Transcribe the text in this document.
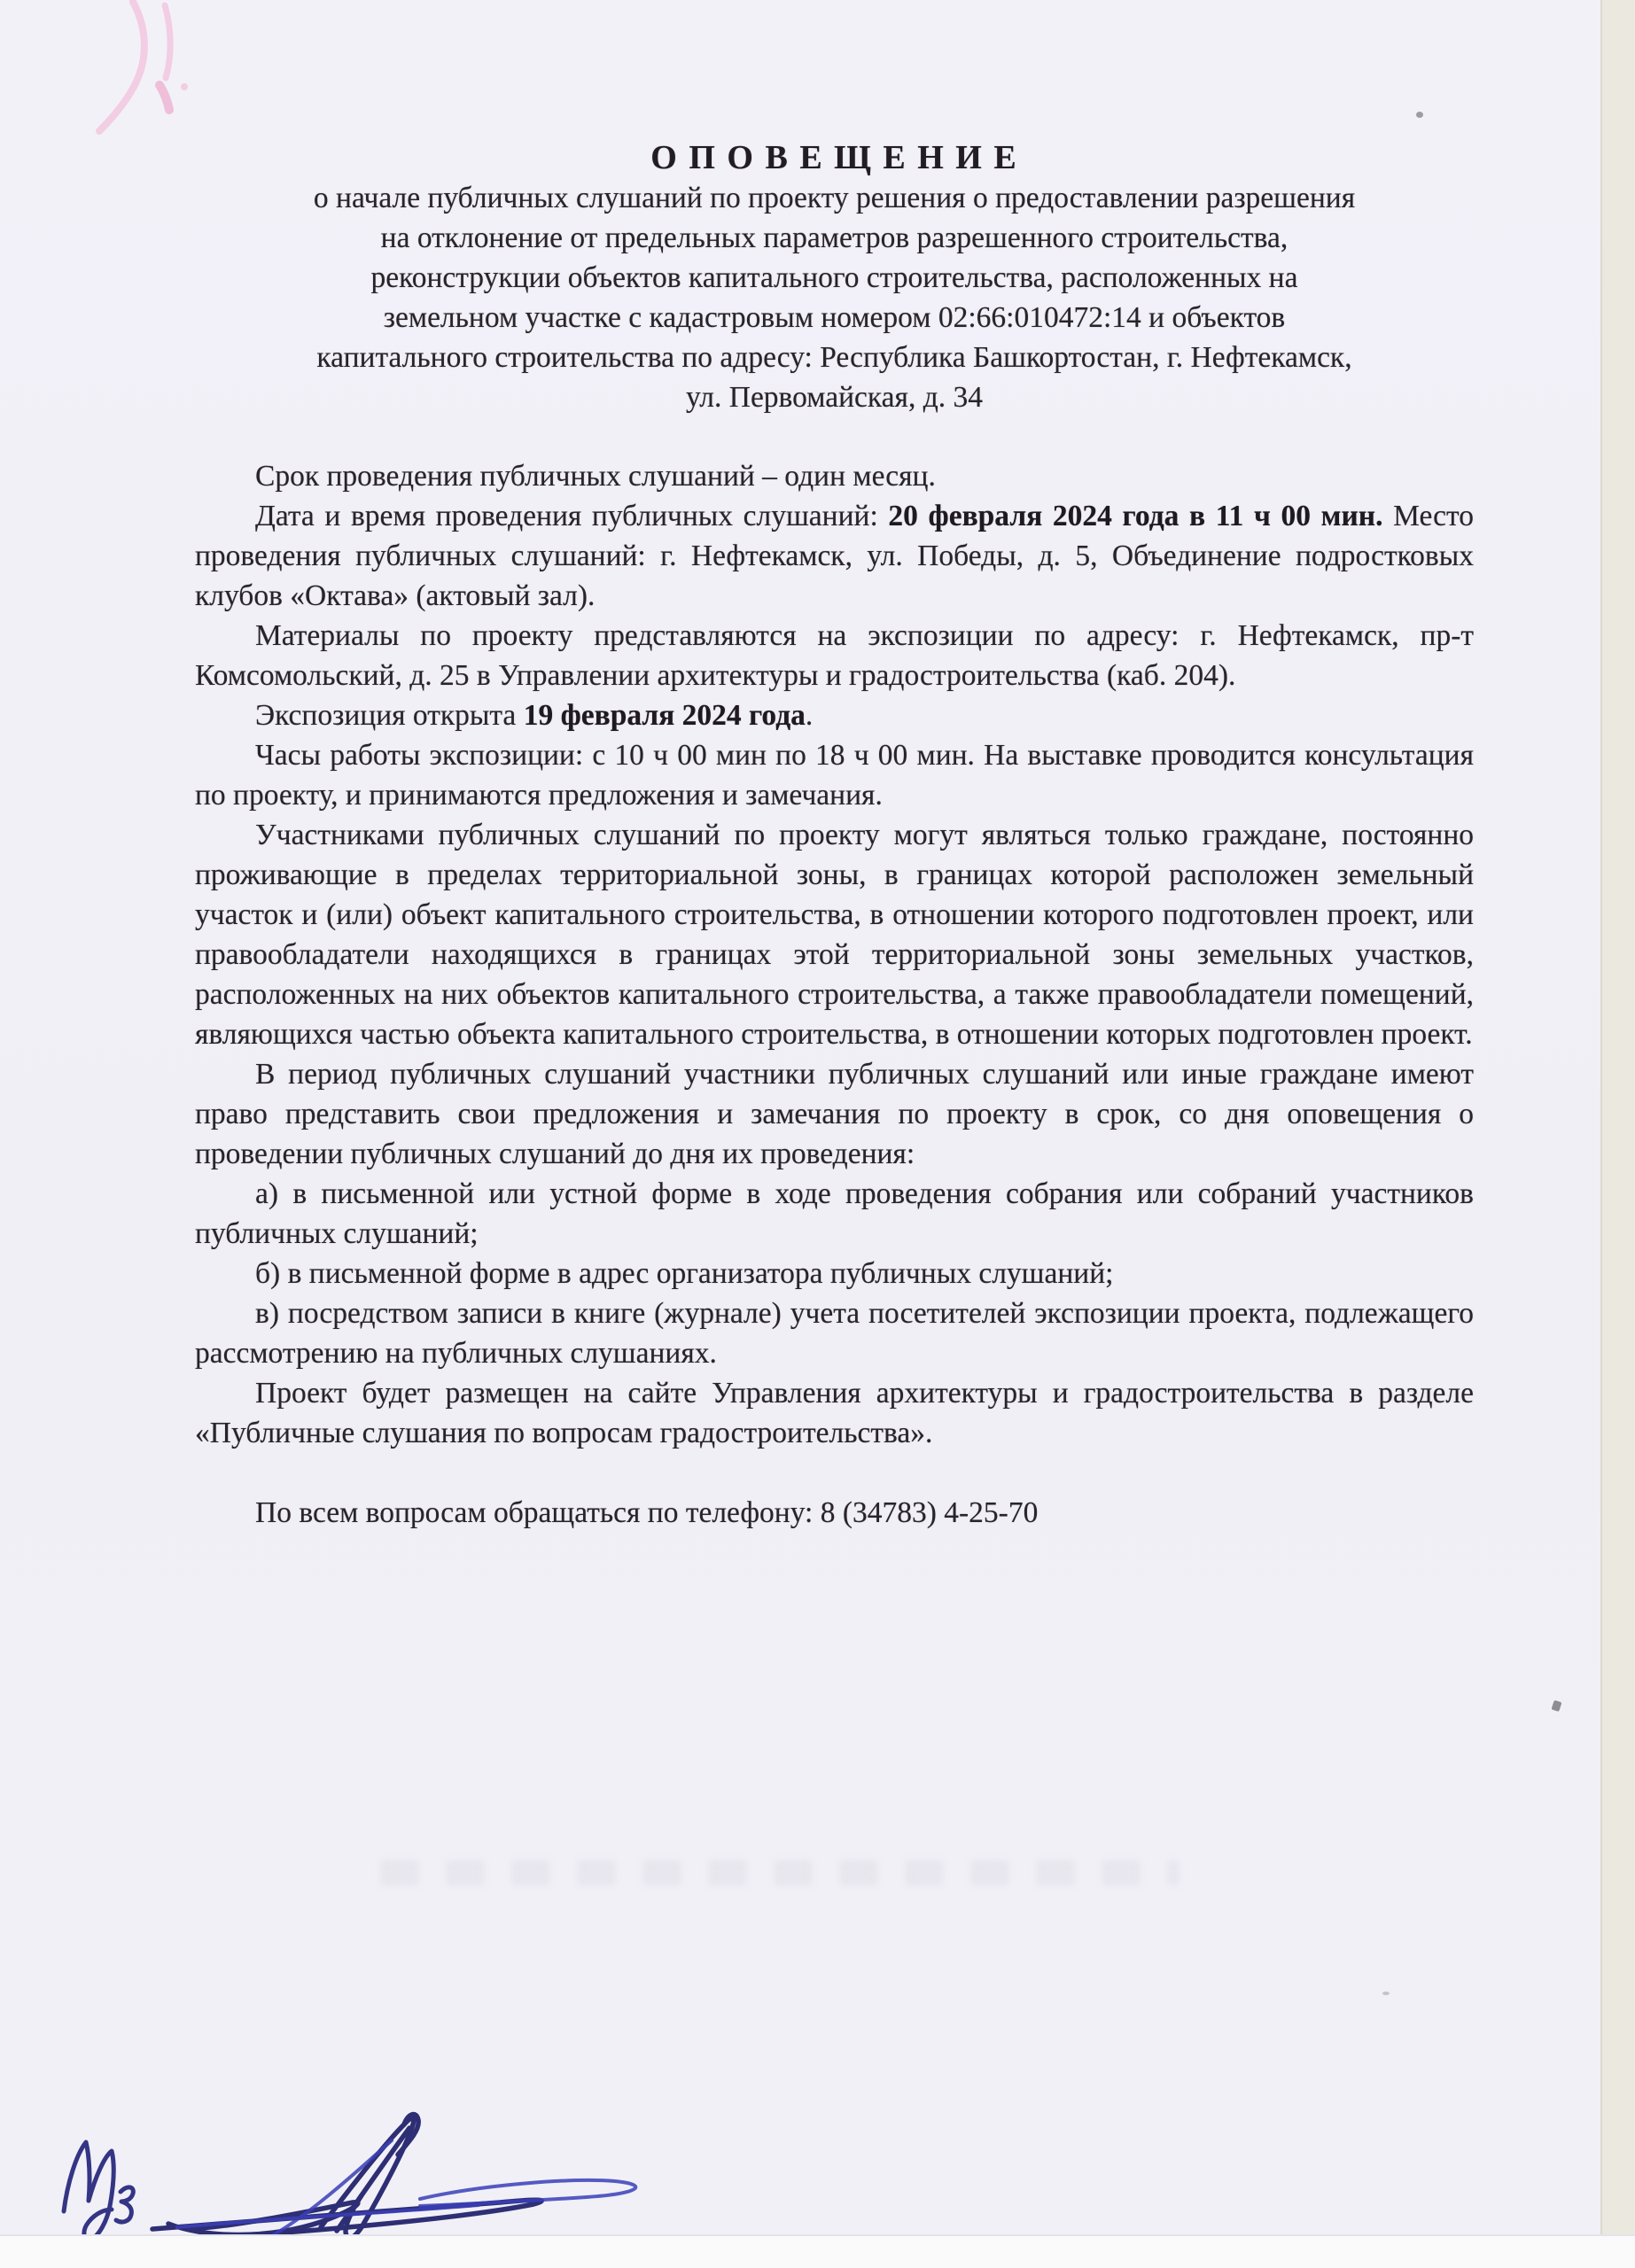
О П О В Е Щ Е Н И Е
о начале публичных слушаний по проекту решения о предоставлении разрешения
на отклонение от предельных параметров разрешенного строительства,
реконструкции объектов капитального строительства, расположенных на
земельном участке с кадастровым номером 02:66:010472:14 и объектов
капитального строительства по адресу: Республика Башкортостан, г. Нефтекамск,
ул. Первомайская, д. 34

Срок проведения публичных слушаний – один месяц.

Дата и время проведения публичных слушаний: 20 февраля 2024 года в 11 ч 00 мин. Место проведения публичных слушаний: г. Нефтекамск, ул. Победы, д. 5, Объединение подростковых клубов «Октава» (актовый зал).

Материалы по проекту представляются на экспозиции по адресу: г. Нефтекамск, пр-т Комсомольский, д. 25 в Управлении архитектуры и градостроительства (каб. 204).

Экспозиция открыта 19 февраля 2024 года.

Часы работы экспозиции: с 10 ч 00 мин по 18 ч 00 мин. На выставке проводится консультация по проекту, и принимаются предложения и замечания.

Участниками публичных слушаний по проекту могут являться только граждане, постоянно проживающие в пределах территориальной зоны, в границах которой расположен земельный участок и (или) объект капитального строительства, в отношении которого подготовлен проект, или правообладатели находящихся в границах этой территориальной зоны земельных участков, расположенных на них объектов капитального строительства, а также правообладатели помещений, являющихся частью объекта капитального строительства, в отношении которых подготовлен проект.

В период публичных слушаний участники публичных слушаний или иные граждане имеют право представить свои предложения и замечания по проекту в срок, со дня оповещения о проведении публичных слушаний до дня их проведения:

а) в письменной или устной форме в ходе проведения собрания или собраний участников публичных слушаний;

б) в письменной форме в адрес организатора публичных слушаний;

в) посредством записи в книге (журнале) учета посетителей экспозиции проекта, подлежащего рассмотрению на публичных слушаниях.

Проект будет размещен на сайте Управления архитектуры и градостроительства в разделе «Публичные слушания по вопросам градостроительства».

По всем вопросам обращаться по телефону: 8 (34783) 4-25-70
